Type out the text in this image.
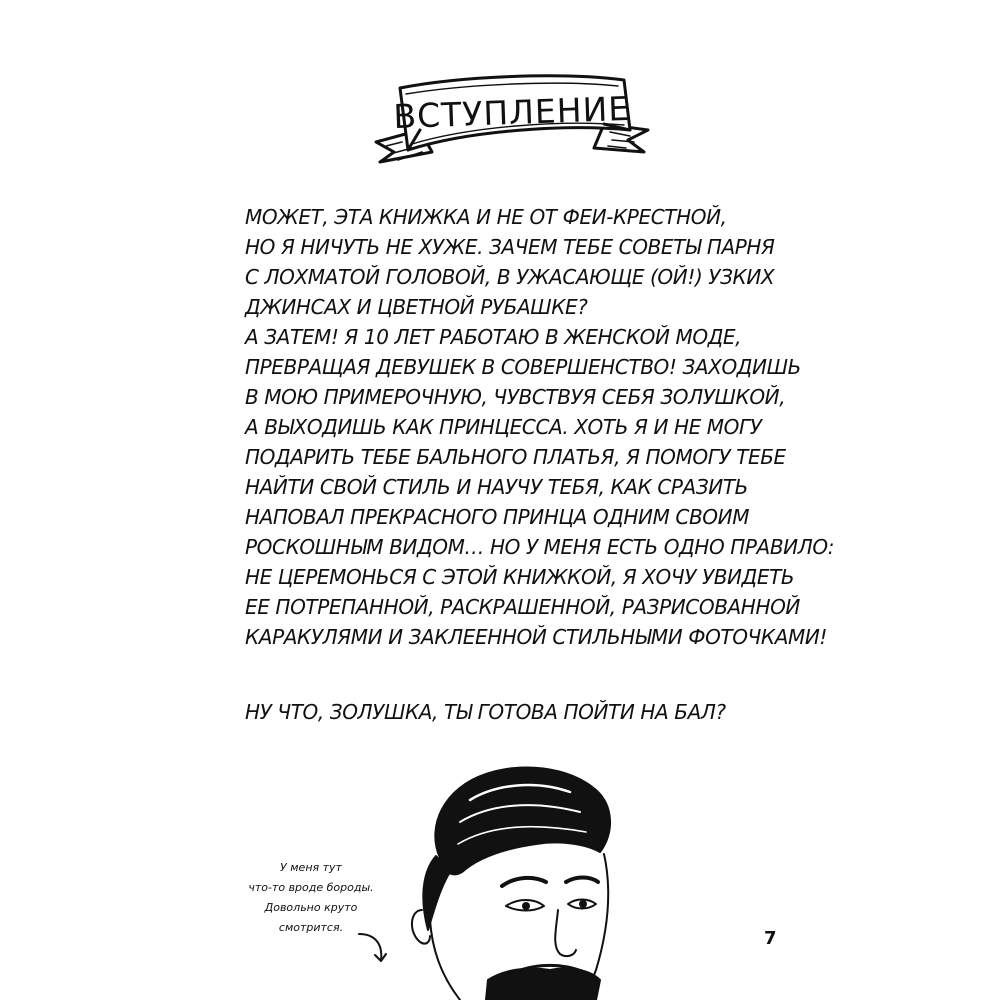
ВСТУПЛЕНИЕ
МОЖЕТ, ЭТА КНИЖКА И НЕ ОТ ФЕИ-КРЕСТНОЙ,
НО Я НИЧУТЬ НЕ ХУЖЕ. ЗАЧЕМ ТЕБЕ СОВЕТЫ ПАРНЯ
С ЛОХМАТОЙ ГОЛОВОЙ, В УЖАСАЮЩЕ (ОЙ!) УЗКИХ
ДЖИНСАХ И ЦВЕТНОЙ РУБАШКЕ?
А ЗАТЕМ! Я 10 ЛЕТ РАБОТАЮ В ЖЕНСКОЙ МОДЕ,
ПРЕВРАЩАЯ ДЕВУШЕК В СОВЕРШЕНСТВО! ЗАХОДИШЬ
В МОЮ ПРИМЕРОЧНУЮ, ЧУВСТВУЯ СЕБЯ ЗОЛУШКОЙ,
А ВЫХОДИШЬ КАК ПРИНЦЕССА. ХОТЬ Я И НЕ МОГУ
ПОДАРИТЬ ТЕБЕ БАЛЬНОГО ПЛАТЬЯ, Я ПОМОГУ ТЕБЕ
НАЙТИ СВОЙ СТИЛЬ И НАУЧУ ТЕБЯ, КАК СРАЗИТЬ
НАПОВАЛ ПРЕКРАСНОГО ПРИНЦА ОДНИМ СВОИМ
РОСКОШНЫМ ВИДОМ… НО У МЕНЯ ЕСТЬ ОДНО ПРАВИЛО:
НЕ ЦЕРЕМОНЬСЯ С ЭТОЙ КНИЖКОЙ, Я ХОЧУ УВИДЕТЬ
ЕЕ ПОТРЕПАННОЙ, РАСКРАШЕННОЙ, РАЗРИСОВАННОЙ
КАРАКУЛЯМИ И ЗАКЛЕЕННОЙ СТИЛЬНЫМИ ФОТОЧКАМИ!
НУ ЧТО, ЗОЛУШКА, ТЫ ГОТОВА ПОЙТИ НА БАЛ?
У меня тут
что-то вроде бороды.
Довольно круто
смотрится.
7
